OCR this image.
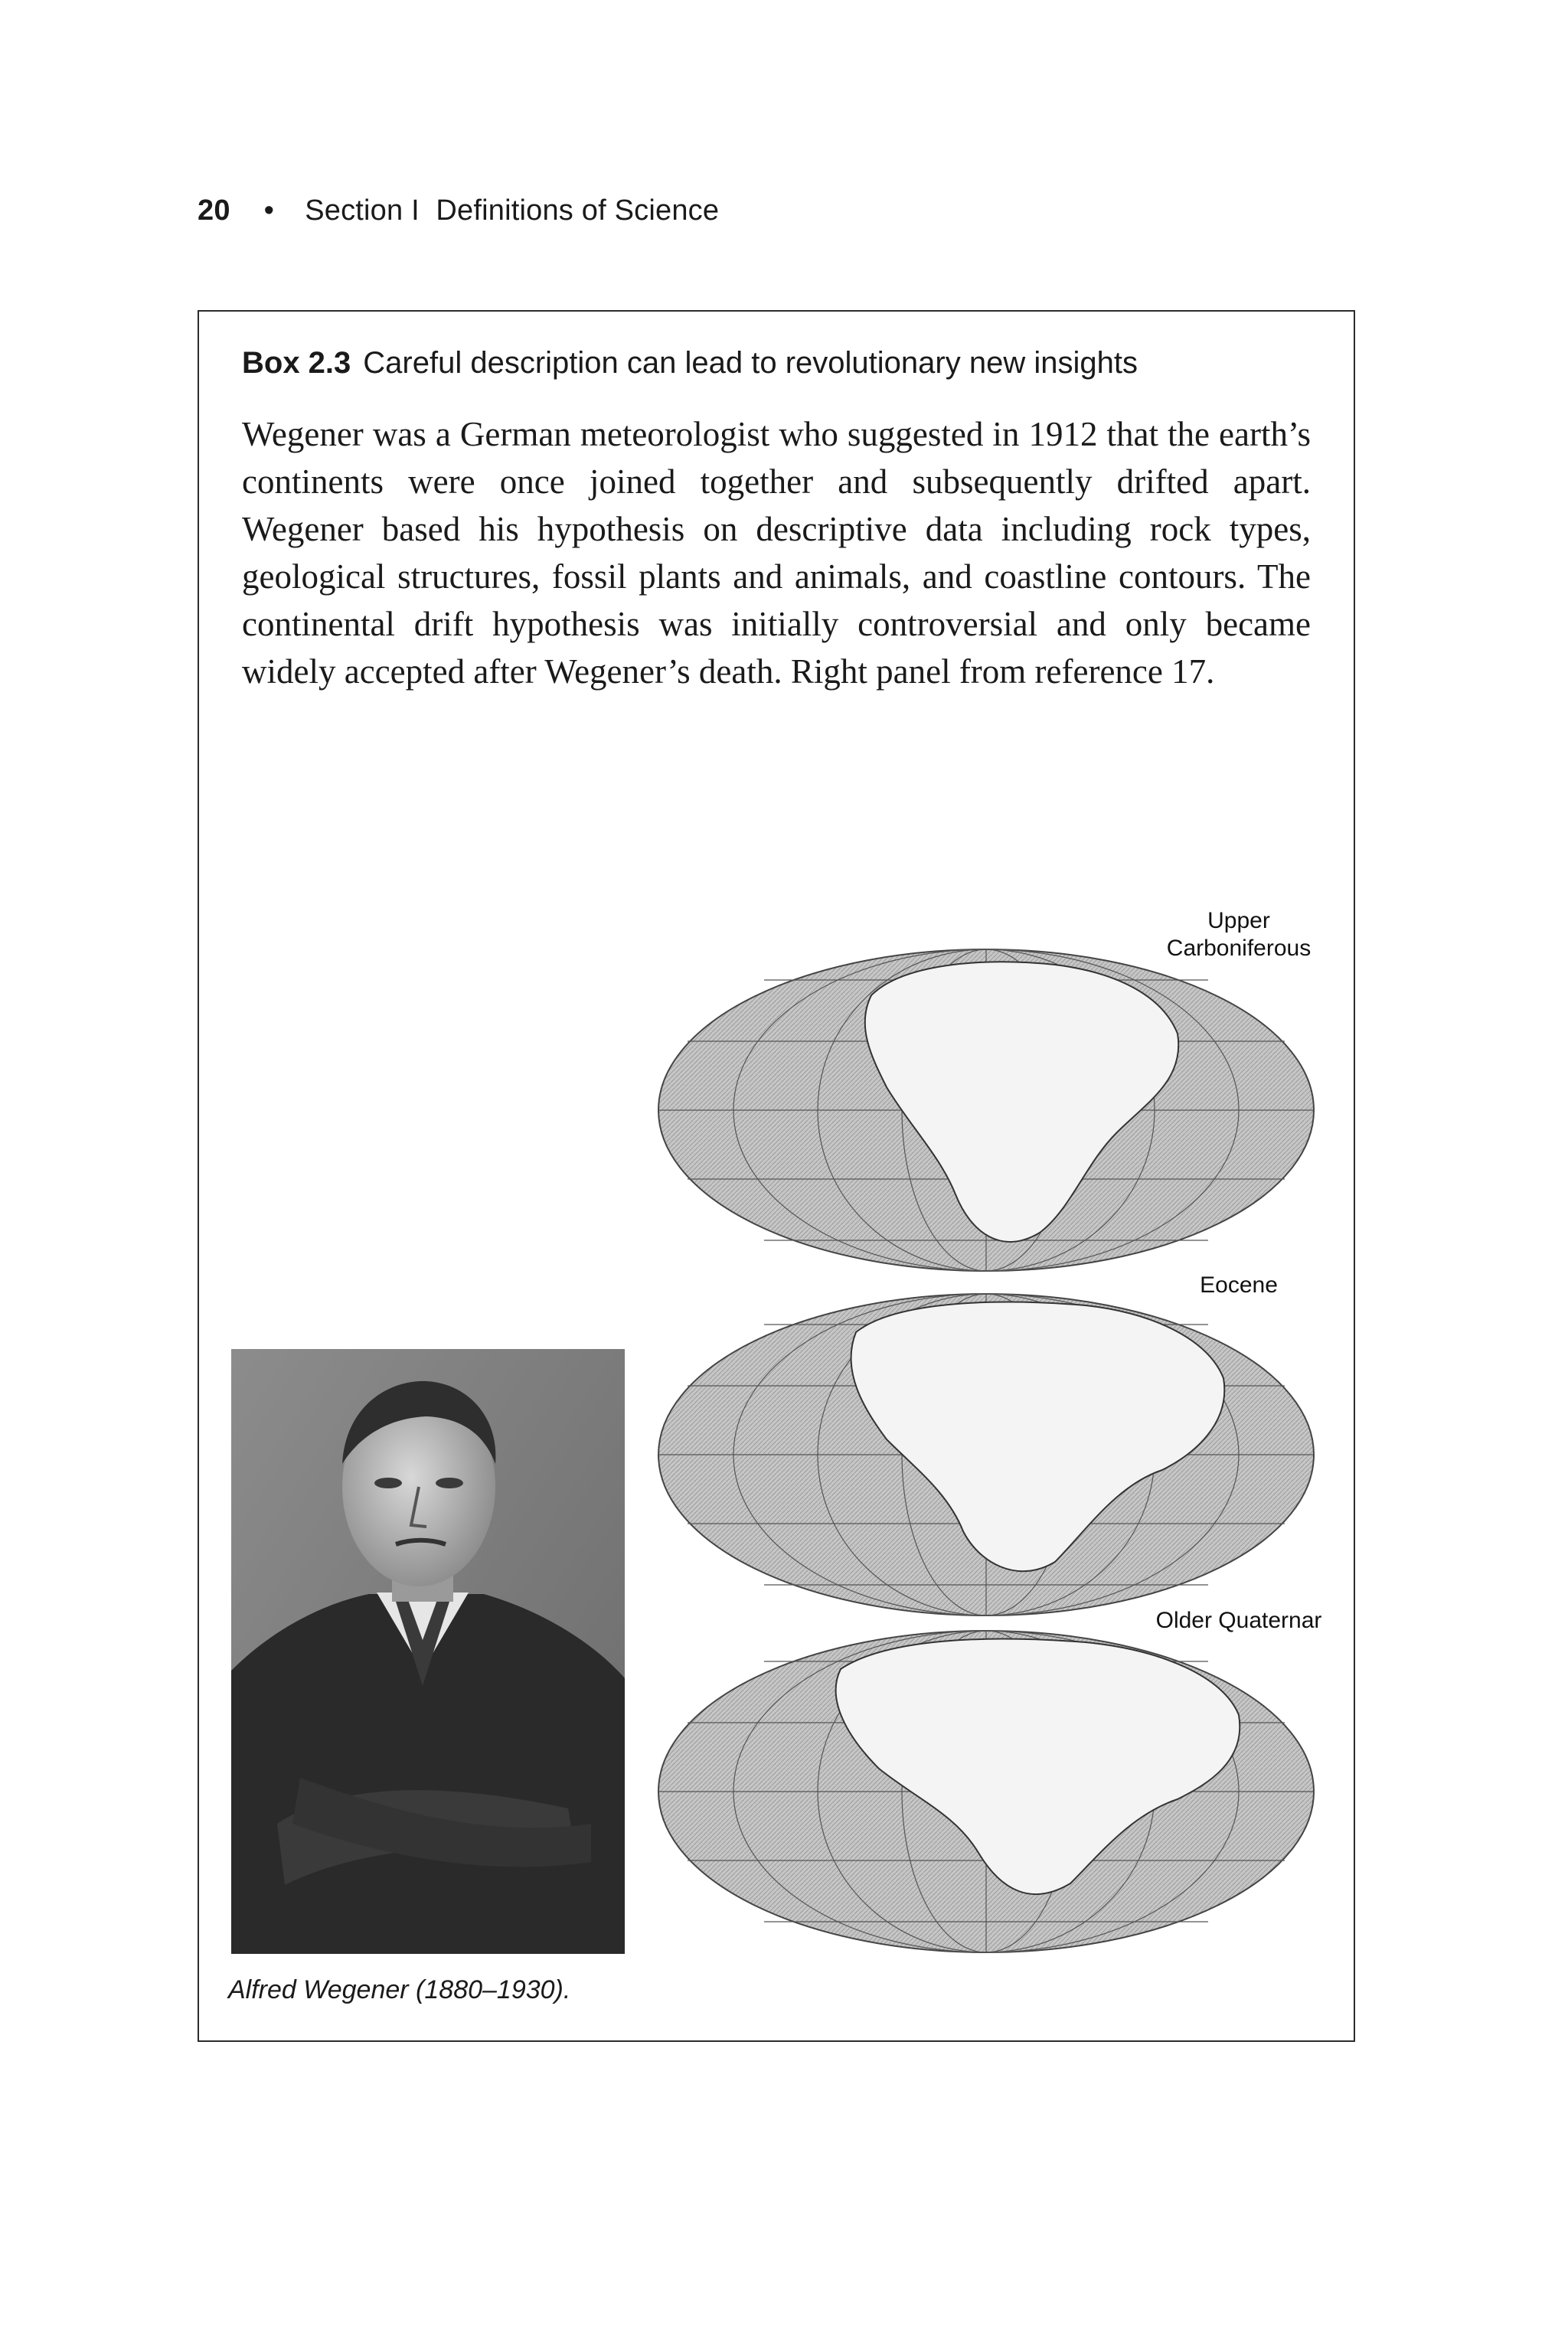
20 • Section I  Definitions of Science
Box 2.3 Careful description can lead to revolutionary new insights
Wegener was a German meteorologist who suggested in 1912 that the earth’s continents were once joined together and subsequently drifted apart. Wegener based his hypothesis on descriptive data including rock types, geological structures, fossil plants and animals, and coastline contours. The continental drift hypothesis was initially controversial and only became widely accepted after Wegener’s death. Right panel from reference 17.
Alfred Wegener (1880–1930).
Upper
Carboniferous
Eocene
Older Quaternar
